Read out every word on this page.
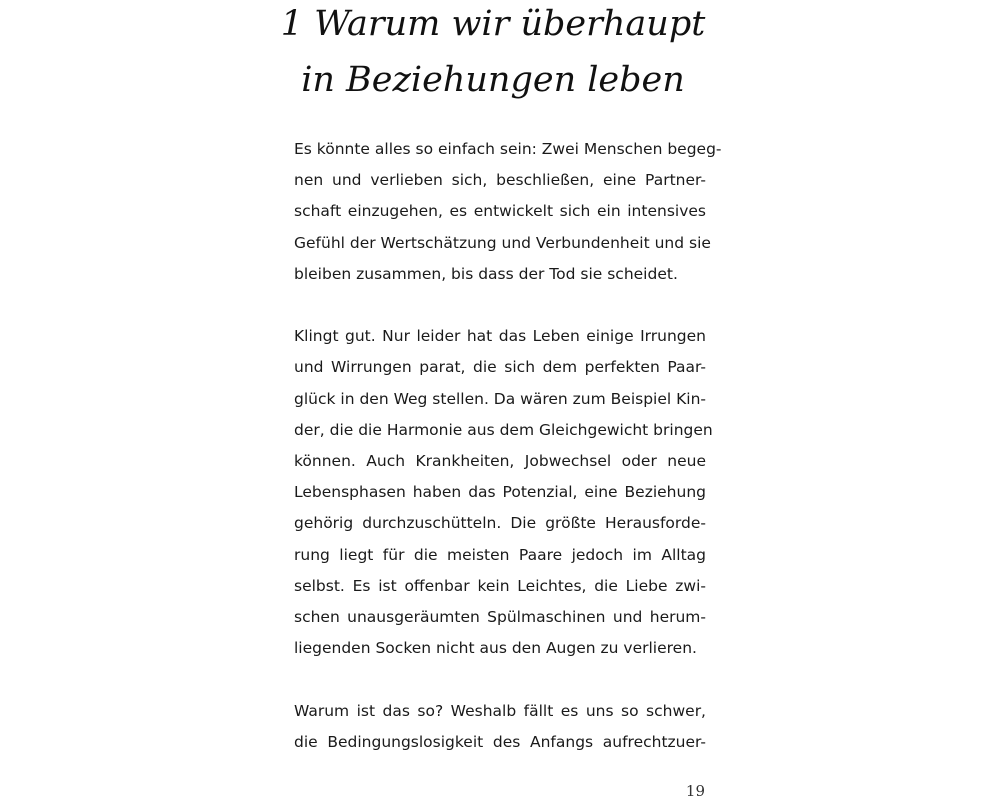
1 Warum wir überhaupt
in Beziehungen leben

Es könnte alles so einfach sein: Zwei Menschen begeg-
nen und verlieben sich, beschließen, eine Partner-
schaft einzugehen, es entwickelt sich ein intensives
Gefühl der Wertschätzung und Verbundenheit und sie
bleiben zusammen, bis dass der Tod sie scheidet.

Klingt gut. Nur leider hat das Leben einige Irrungen
und Wirrungen parat, die sich dem perfekten Paar-
glück in den Weg stellen. Da wären zum Beispiel Kin-
der, die die Harmonie aus dem Gleichgewicht bringen
können. Auch Krankheiten, Jobwechsel oder neue
Lebensphasen haben das Potenzial, eine Beziehung
gehörig durchzuschütteln. Die größte Herausforde-
rung liegt für die meisten Paare jedoch im Alltag
selbst. Es ist offenbar kein Leichtes, die Liebe zwi-
schen unausgeräumten Spülmaschinen und herum-
liegenden Socken nicht aus den Augen zu verlieren.

Warum ist das so? Weshalb fällt es uns so schwer,
die Bedingungslosigkeit des Anfangs aufrechtzuer-

19
